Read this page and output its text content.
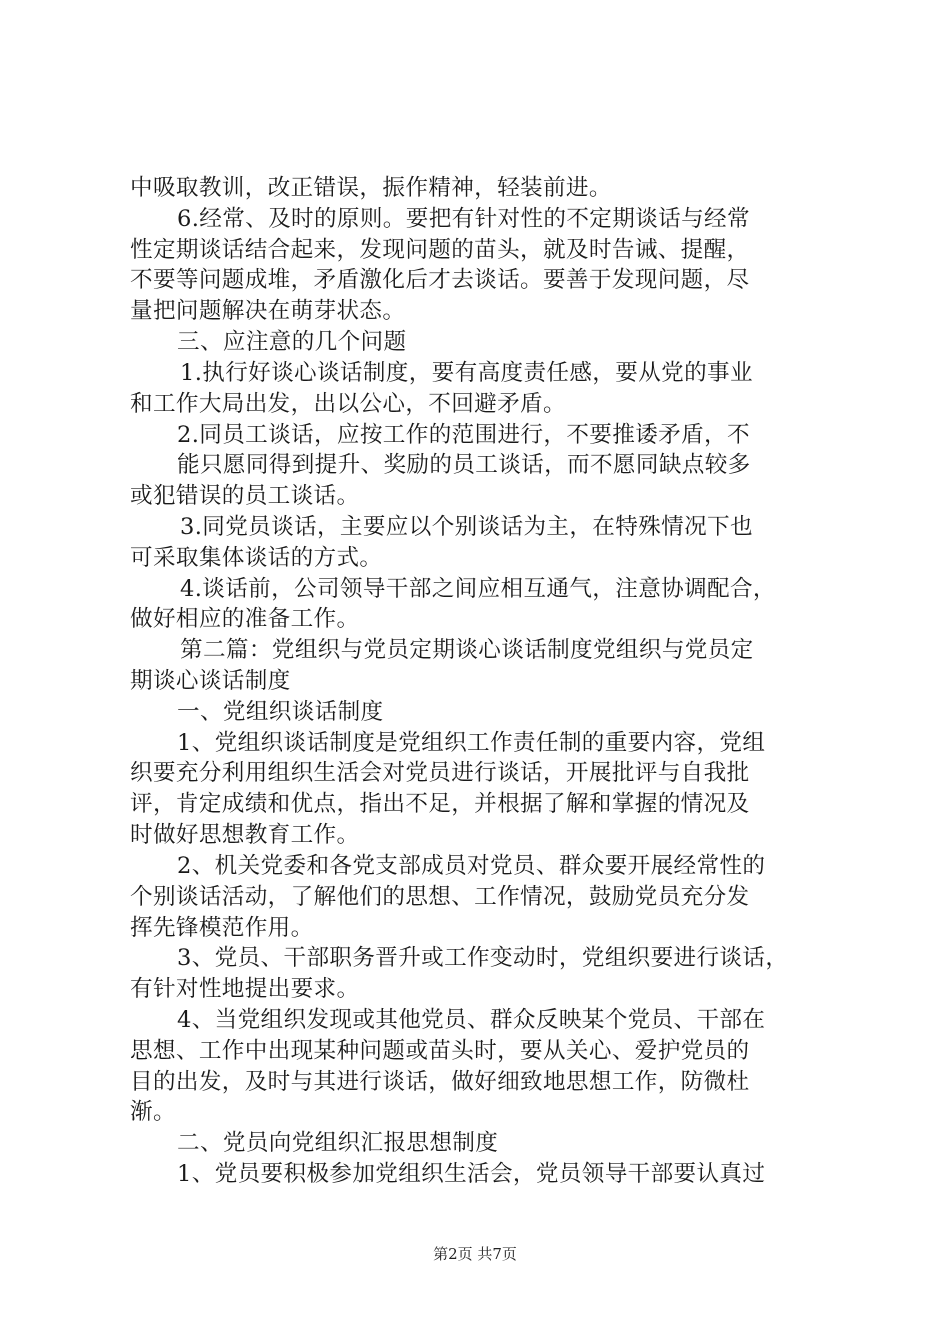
中吸取教训，改正错误，振作精神，轻装前进。
6.经常、及时的原则。要把有针对性的不定期谈话与经常
性定期谈话结合起来，发现问题的苗头，就及时告诫、提醒，
不要等问题成堆，矛盾激化后才去谈话。要善于发现问题，尽
量把问题解决在萌芽状态。
三、应注意的几个问题
1.执行好谈心谈话制度，要有高度责任感，要从党的事业
和工作大局出发，出以公心，不回避矛盾。
2.同员工谈话，应按工作的范围进行，不要推诿矛盾，不
能只愿同得到提升、奖励的员工谈话，而不愿同缺点较多
或犯错误的员工谈话。
3.同党员谈话，主要应以个别谈话为主，在特殊情况下也
可采取集体谈话的方式。
4.谈话前，公司领导干部之间应相互通气，注意协调配合，
做好相应的准备工作。
第二篇：党组织与党员定期谈心谈话制度党组织与党员定
期谈心谈话制度
一、党组织谈话制度
1、党组织谈话制度是党组织工作责任制的重要内容，党组
织要充分利用组织生活会对党员进行谈话，开展批评与自我批
评，肯定成绩和优点，指出不足，并根据了解和掌握的情况及
时做好思想教育工作。
2、机关党委和各党支部成员对党员、群众要开展经常性的
个别谈话活动，了解他们的思想、工作情况，鼓励党员充分发
挥先锋模范作用。
3、党员、干部职务晋升或工作变动时，党组织要进行谈话，
有针对性地提出要求。
4、当党组织发现或其他党员、群众反映某个党员、干部在
思想、工作中出现某种问题或苗头时，要从关心、爱护党员的
目的出发，及时与其进行谈话，做好细致地思想工作，防微杜
渐。
二、党员向党组织汇报思想制度
1、党员要积极参加党组织生活会，党员领导干部要认真过
第2页 共7页
